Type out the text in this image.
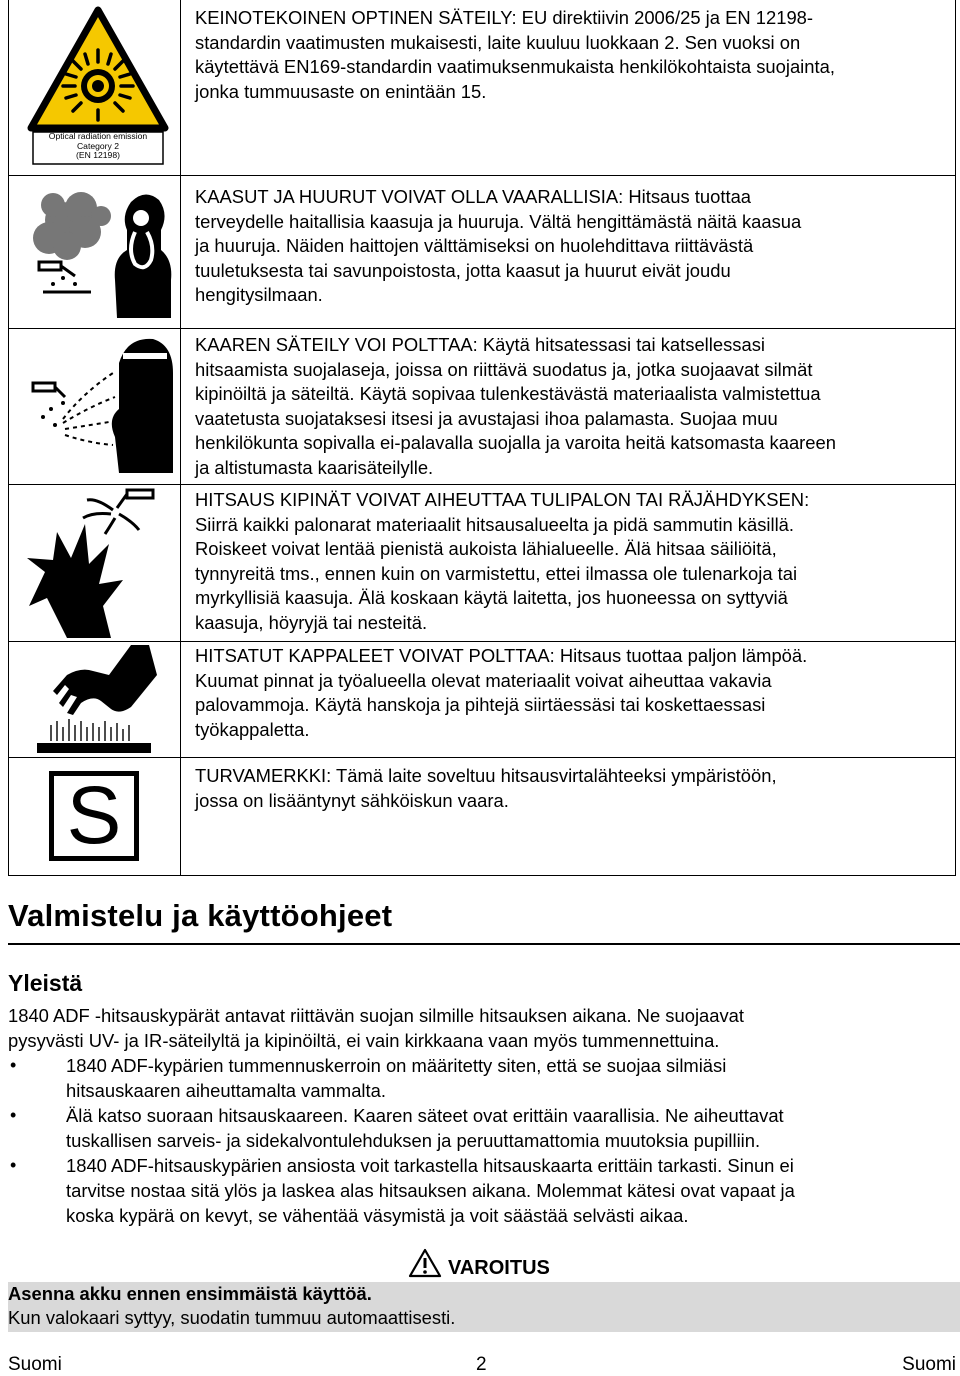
Optical radiation emission
Category 2
(EN 12198)
KEINOTEKOINEN OPTINEN SÄTEILY: EU direktiivin 2006/25 ja EN 12198-
standardin vaatimusten mukaisesti, laite kuuluu luokkaan 2. Sen vuoksi on
käytettävä EN169-standardin vaatimuksenmukaista henkilökohtaista suojainta,
jonka tummuusaste on enintään 15.
KAASUT JA HUURUT VOIVAT OLLA VAARALLISIA: Hitsaus tuottaa
terveydelle haitallisia kaasuja ja huuruja. Vältä hengittämästä näitä kaasua
ja huuruja. Näiden haittojen välttämiseksi on huolehdittava riittävästä
tuuletuksesta tai savunpoistosta, jotta kaasut ja huurut eivät joudu
hengitysilmaan.
KAAREN SÄTEILY VOI POLTTAA: Käytä hitsatessasi tai katsellessasi
hitsaamista suojalaseja, joissa on riittävä suodatus ja, jotka suojaavat silmät
kipinöiltä ja säteiltä. Käytä sopivaa tulenkestävästä materiaalista valmistettua
vaatetusta suojataksesi itsesi ja avustajasi ihoa palamasta. Suojaa muu
henkilökunta sopivalla ei-palavalla suojalla ja varoita heitä katsomasta kaareen
ja altistumasta kaarisäteilylle.
HITSAUS KIPINÄT VOIVAT AIHEUTTAA TULIPALON TAI RÄJÄHDYKSEN:
Siirrä kaikki palonarat materiaalit hitsausalueelta ja pidä sammutin käsillä.
Roiskeet voivat lentää pienistä aukoista lähialueelle. Älä hitsaa säiliöitä,
tynnyreitä tms., ennen kuin on varmistettu, ettei ilmassa ole tulenarkoja tai
myrkyllisiä kaasuja. Älä koskaan käytä laitetta, jos huoneessa on syttyviä
kaasuja, höyryjä tai nesteitä.
HITSATUT KAPPALEET VOIVAT POLTTAA: Hitsaus tuottaa paljon lämpöä.
Kuumat pinnat ja työalueella olevat materiaalit voivat aiheuttaa vakavia
palovammoja. Käytä hanskoja ja pihtejä siirtäessäsi tai koskettaessasi
työkappaletta.
S	TURVAMERKKI: Tämä laite soveltuu hitsausvirtalähteeksi ympäristöön,
jossa on lisääntynyt sähköiskun vaara.
Valmistelu ja käyttöohjeet
Yleistä
1840 ADF -hitsauskypärät antavat riittävän suojan silmille hitsauksen aikana. Ne suojaavat
pysyvästi UV- ja IR-säteilyltä ja kipinöiltä, ei vain kirkkaana vaan myös tummennettuina.
• 1840 ADF-kypärien tummennuskerroin on määritetty siten, että se suojaa silmiäsi
hitsauskaaren aiheuttamalta vammalta.
• Älä katso suoraan hitsauskaareen. Kaaren säteet ovat erittäin vaarallisia. Ne aiheuttavat
tuskallisen sarveis- ja sidekalvontulehduksen ja peruuttamattomia muutoksia pupilliin.
• 1840 ADF-hitsauskypärien ansiosta voit tarkastella hitsauskaarta erittäin tarkasti. Sinun ei
tarvitse nostaa sitä ylös ja laskea alas hitsauksen aikana. Molemmat kätesi ovat vapaat ja
koska kypärä on kevyt, se vähentää väsymistä ja voit säästää selvästi aikaa.
VAROITUS
Asenna akku ennen ensimmäistä käyttöä.
Kun valokaari syttyy, suodatin tummuu automaattisesti.
Suomi	2	Suomi
